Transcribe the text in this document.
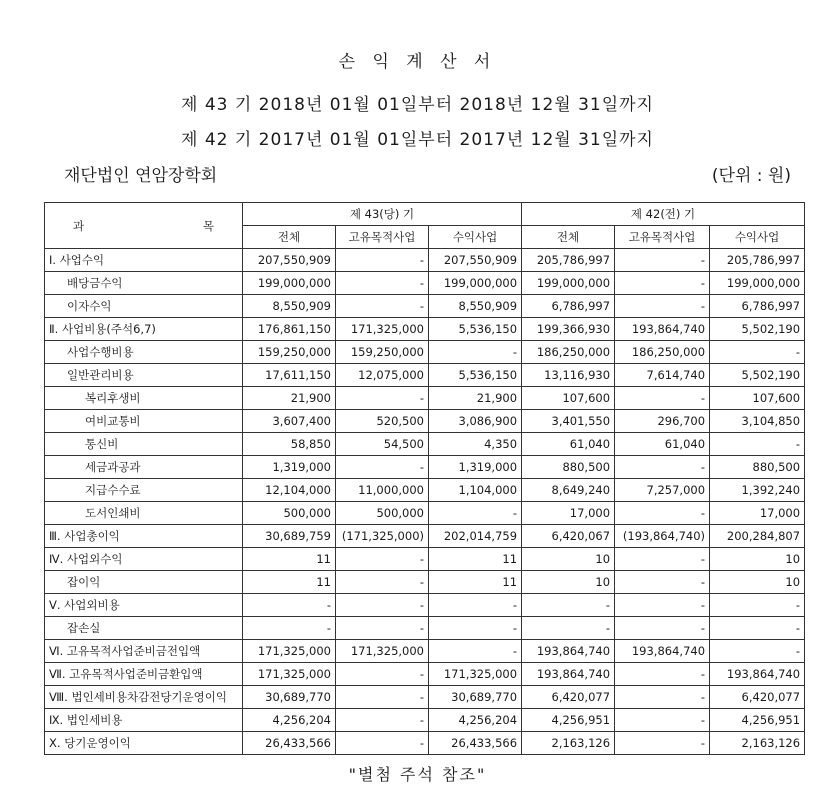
손 익 계 산 서
제 43 기 2018년 01월 01일부터 2018년 12월 31일까지
제 42 기 2017년 01월 01일부터 2017년 12월 31일까지
재단법인 연암장학회	(단위 : 원)
과 목	제 43(당) 기			제 42(전) 기		
	전체	고유목적사업	수익사업	전체	고유목적사업	수익사업
Ⅰ. 사업수익	207,550,909	-	207,550,909	205,786,997	-	205,786,997
배당금수익	199,000,000	-	199,000,000	199,000,000	-	199,000,000
이자수익	8,550,909	-	8,550,909	6,786,997	-	6,786,997
Ⅱ. 사업비용(주석6,7)	176,861,150	171,325,000	5,536,150	199,366,930	193,864,740	5,502,190
사업수행비용	159,250,000	159,250,000	-	186,250,000	186,250,000	-
일반관리비용	17,611,150	12,075,000	5,536,150	13,116,930	7,614,740	5,502,190
복리후생비	21,900	-	21,900	107,600	-	107,600
여비교통비	3,607,400	520,500	3,086,900	3,401,550	296,700	3,104,850
통신비	58,850	54,500	4,350	61,040	61,040	-
세금과공과	1,319,000	-	1,319,000	880,500	-	880,500
지급수수료	12,104,000	11,000,000	1,104,000	8,649,240	7,257,000	1,392,240
도서인쇄비	500,000	500,000	-	17,000	-	17,000
Ⅲ. 사업총이익	30,689,759	(171,325,000)	202,014,759	6,420,067	(193,864,740)	200,284,807
Ⅳ. 사업외수익	11	-	11	10	-	10
잡이익	11	-	11	10	-	10
Ⅴ. 사업외비용	-	-	-	-	-	-
잡손실	-	-	-	-	-	-
Ⅵ. 고유목적사업준비금전입액	171,325,000	171,325,000	-	193,864,740	193,864,740	-
Ⅶ. 고유목적사업준비금환입액	171,325,000	-	171,325,000	193,864,740	-	193,864,740
Ⅷ. 법인세비용차감전당기운영이익	30,689,770	-	30,689,770	6,420,077	-	6,420,077
Ⅸ. 법인세비용	4,256,204	-	4,256,204	4,256,951	-	4,256,951
Ⅹ. 당기운영이익	26,433,566	-	26,433,566	2,163,126	-	2,163,126
"별첨 주석 참조"
